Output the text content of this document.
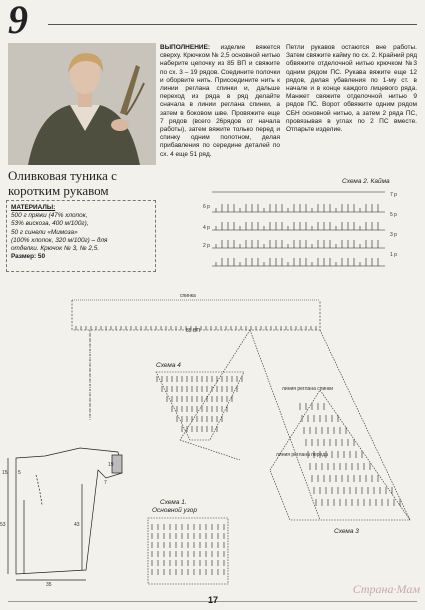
9
Оливковая туника с коротким рукавом
МАТЕРИАЛЫ:
500 г пряжи (47% хлопок,
53% вискоза, 400 м/100г),
50 г синели «Мимоза»
(100% хлопок, 320 м/100г) – для
отделки. Крючок № 3, № 2,5.
Размер: 50
ВЫПОЛНЕНИЕ: изделие вяжется сверху. Крючком № 2,5 основной нитью наберите цепочку из 85 ВП и свяжите по сх. 3 – 19 рядов. Соедините полочки и оборвите нить. Присоедините нить к линии реглана спинки и, дальше переход из ряда в ряд делайте сначала в линии реглана спинки, а затем в боковом шве. Провяжите еще 7 рядов (всего 26рядов от начала работы), затем вяжите только перед и спинку одним полотном, делая прибавления по середине деталей по сх. 4 еще 51 ряд.
Петли рукавов остаются вне работы. Затем свяжите кайму по сх. 2. Крайний ряд обвяжите отделочной нитью крючком №3 одним рядом ПС. Рукава вяжите еще 12 рядов, делая убавления по 1-му ст. в начале и в конце каждого лицевого ряда. Манжет свяжите отделочной нитью 9 рядов ПС. Ворот обвяжите одним рядом СБН основной нитью, а затем 2 ряда ПС, провязывая в углах по 2 ПС вместе. Отпарьте изделие.
Схема 2. Кайма
Схема 4
Схема 1.
Основной узор
Схема 3
спинка
85 ВП
линия реглана спинки
линия реглана переда
6 р
4 р
2 р
7 р
5 р
3 р
1 р
15 5
7
53	43
35
19
17
Страна·Мам
